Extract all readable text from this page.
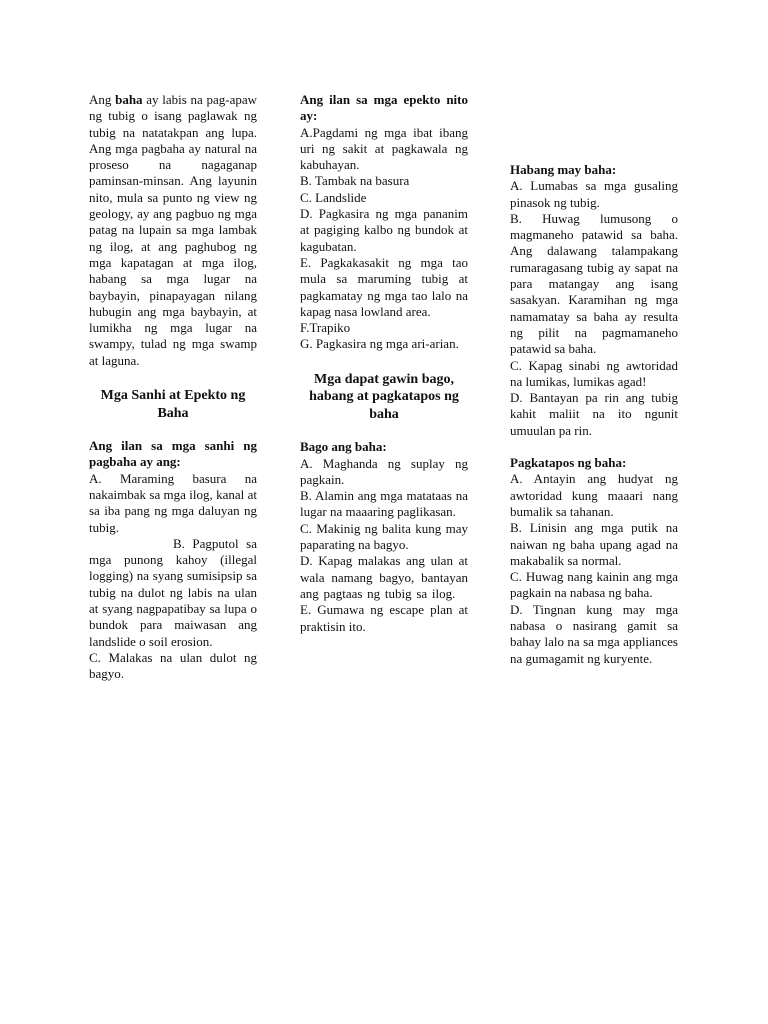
Ang baha ay labis na pag-apaw ng tubig o isang paglawak ng tubig na natatakpan ang lupa. Ang mga pagbaha ay natural na proseso na nagaganap paminsan-minsan. Ang layunin nito, mula sa punto ng view ng geology, ay ang pagbuo ng mga patag na lupain sa mga lambak ng ilog, at ang paghubog ng mga kapatagan at mga ilog, habang sa mga lugar na baybayin, pinapayagan nilang hubugin ang mga baybayin, at lumikha ng mga lugar na swampy, tulad ng mga swamp at laguna.

Mga Sanhi at Epekto ng Baha

Ang ilan sa mga sanhi ng pagbaha ay ang:

A. Maraming basura na nakaimbak sa mga ilog, kanal at sa iba pang ng mga daluyan ng tubig.

B. Pagputol sa mga punong kahoy (illegal logging) na syang sumisipsip sa tubig na dulot ng labis na ulan at syang nagpapatibay sa lupa o bundok para maiwasan ang landslide o soil erosion.

C. Malakas na ulan dulot ng bagyo.

Ang ilan sa mga epekto nito ay:

A.Pagdami ng mga ibat ibang uri ng sakit at pagkawala ng kabuhayan.

B. Tambak na basura

C. Landslide

D. Pagkasira ng mga pananim at pagiging kalbo ng bundok at kagubatan.

E. Pagkakasakit ng mga tao mula sa maruming tubig at pagkamatay ng mga tao lalo na kapag nasa lowland area.

F.Trapiko

G. Pagkasira ng mga ari-arian.

Mga dapat gawin bago, habang at pagkatapos ng baha

Bago ang baha:

A. Maghanda ng suplay ng pagkain.

B. Alamin ang mga matataas na lugar na maaaring paglikasan.

C. Makinig ng balita kung may paparating na bagyo.

D. Kapag malakas ang ulan at wala namang bagyo, bantayan ang pagtaas ng tubig sa ilog.    E. Gumawa ng escape plan at praktisin ito.

Habang may baha:

A. Lumabas sa mga gusaling pinasok ng tubig.

B. Huwag lumusong o magmaneho patawid sa baha. Ang dalawang talampakang rumaragasang tubig ay sapat na para matangay ang isang sasakyan. Karamihan ng mga namamatay sa baha ay resulta ng pilit na pagmamaneho patawid sa baha.

C. Kapag sinabi ng awtoridad na lumikas, lumikas agad!

D. Bantayan pa rin ang tubig kahit maliit na ito ngunit umuulan pa rin.

Pagkatapos ng baha:

A. Antayin ang hudyat ng awtoridad kung maaari nang bumalik sa tahanan.

B. Linisin ang mga putik na naiwan ng baha upang agad na makabalik sa normal.

C. Huwag nang kainin ang mga pagkain na nabasa ng baha.

D. Tingnan kung may mga nabasa o nasirang gamit sa bahay lalo na sa mga appliances na gumagamit ng kuryente.
